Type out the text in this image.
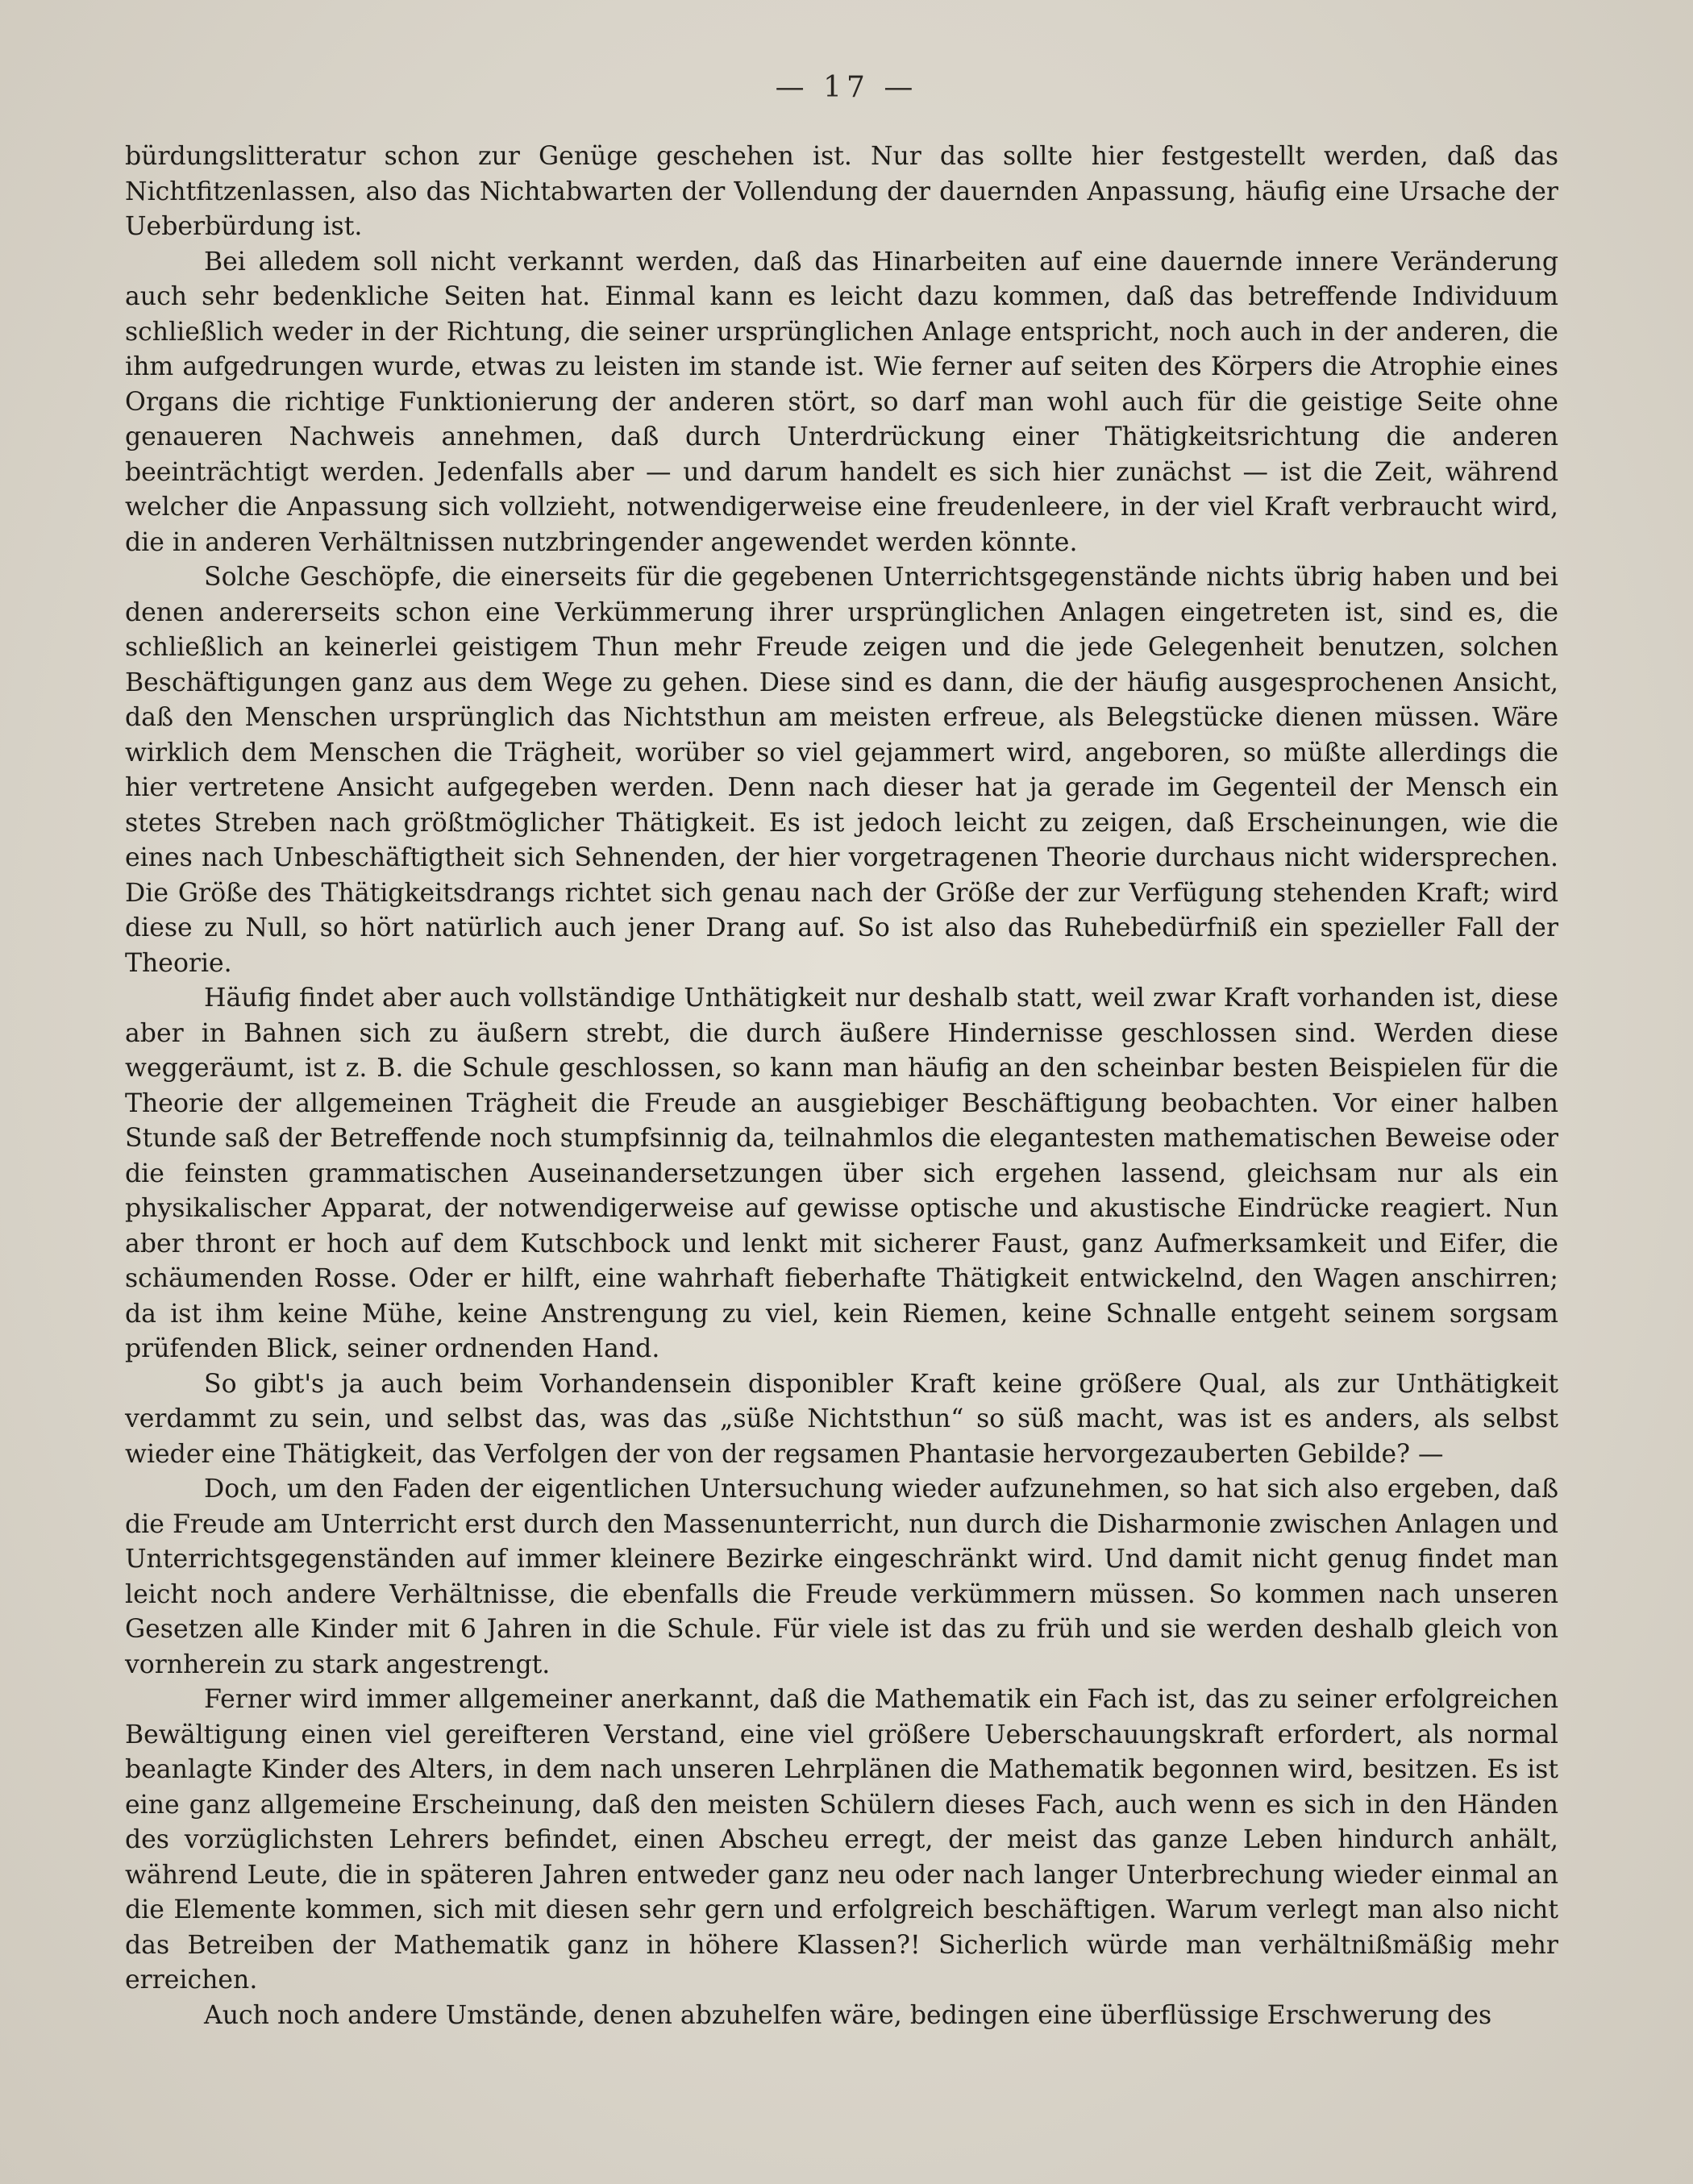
— 17 —

bürdungslitteratur schon zur Genüge geschehen ist. Nur das sollte hier festgestellt werden, daß das Nichtfitzenlassen, also das Nichtabwarten der Vollendung der dauernden Anpassung, häufig eine Ursache der Ueberbürdung ist.

Bei alledem soll nicht verkannt werden, daß das Hinarbeiten auf eine dauernde innere Veränderung auch sehr bedenkliche Seiten hat. Einmal kann es leicht dazu kommen, daß das betreffende Individuum schließlich weder in der Richtung, die seiner ursprünglichen Anlage entspricht, noch auch in der anderen, die ihm aufgedrungen wurde, etwas zu leisten im stande ist. Wie ferner auf seiten des Körpers die Atrophie eines Organs die richtige Funktionierung der anderen stört, so darf man wohl auch für die geistige Seite ohne genaueren Nachweis annehmen, daß durch Unterdrückung einer Thätigkeitsrichtung die anderen beeinträchtigt werden. Jedenfalls aber — und darum handelt es sich hier zunächst — ist die Zeit, während welcher die Anpassung sich vollzieht, notwendigerweise eine freudenleere, in der viel Kraft verbraucht wird, die in anderen Verhältnissen nutzbringender angewendet werden könnte.

Solche Geschöpfe, die einerseits für die gegebenen Unterrichtsgegenstände nichts übrig haben und bei denen andererseits schon eine Verkümmerung ihrer ursprünglichen Anlagen eingetreten ist, sind es, die schließlich an keinerlei geistigem Thun mehr Freude zeigen und die jede Gelegenheit benutzen, solchen Beschäftigungen ganz aus dem Wege zu gehen. Diese sind es dann, die der häufig ausgesprochenen Ansicht, daß den Menschen ursprünglich das Nichtsthun am meisten erfreue, als Belegstücke dienen müssen. Wäre wirklich dem Menschen die Trägheit, worüber so viel gejammert wird, angeboren, so müßte allerdings die hier vertretene Ansicht aufgegeben werden. Denn nach dieser hat ja gerade im Gegenteil der Mensch ein stetes Streben nach größtmöglicher Thätigkeit. Es ist jedoch leicht zu zeigen, daß Erscheinungen, wie die eines nach Unbeschäftigtheit sich Sehnenden, der hier vorgetragenen Theorie durchaus nicht widersprechen. Die Größe des Thätigkeitsdrangs richtet sich genau nach der Größe der zur Verfügung stehenden Kraft; wird diese zu Null, so hört natürlich auch jener Drang auf. So ist also das Ruhebedürfniß ein spezieller Fall der Theorie.

Häufig findet aber auch vollständige Unthätigkeit nur deshalb statt, weil zwar Kraft vorhanden ist, diese aber in Bahnen sich zu äußern strebt, die durch äußere Hindernisse geschlossen sind. Werden diese weggeräumt, ist z. B. die Schule geschlossen, so kann man häufig an den scheinbar besten Beispielen für die Theorie der allgemeinen Trägheit die Freude an ausgiebiger Beschäftigung beobachten. Vor einer halben Stunde saß der Betreffende noch stumpfsinnig da, teilnahmlos die elegantesten mathematischen Beweise oder die feinsten grammatischen Auseinandersetzungen über sich ergehen lassend, gleichsam nur als ein physikalischer Apparat, der notwendigerweise auf gewisse optische und akustische Eindrücke reagiert. Nun aber thront er hoch auf dem Kutschbock und lenkt mit sicherer Faust, ganz Aufmerksamkeit und Eifer, die schäumenden Rosse. Oder er hilft, eine wahrhaft fieberhafte Thätigkeit entwickelnd, den Wagen anschirren; da ist ihm keine Mühe, keine Anstrengung zu viel, kein Riemen, keine Schnalle entgeht seinem sorgsam prüfenden Blick, seiner ordnenden Hand.

So gibt's ja auch beim Vorhandensein disponibler Kraft keine größere Qual, als zur Unthätigkeit verdammt zu sein, und selbst das, was das „süße Nichtsthun“ so süß macht, was ist es anders, als selbst wieder eine Thätigkeit, das Verfolgen der von der regsamen Phantasie hervorgezauberten Gebilde? —

Doch, um den Faden der eigentlichen Untersuchung wieder aufzunehmen, so hat sich also ergeben, daß die Freude am Unterricht erst durch den Massenunterricht, nun durch die Disharmonie zwischen Anlagen und Unterrichtsgegenständen auf immer kleinere Bezirke eingeschränkt wird. Und damit nicht genug findet man leicht noch andere Verhältnisse, die ebenfalls die Freude verkümmern müssen. So kommen nach unseren Gesetzen alle Kinder mit 6 Jahren in die Schule. Für viele ist das zu früh und sie werden deshalb gleich von vornherein zu stark angestrengt.

Ferner wird immer allgemeiner anerkannt, daß die Mathematik ein Fach ist, das zu seiner erfolgreichen Bewältigung einen viel gereifteren Verstand, eine viel größere Ueberschauungskraft erfordert, als normal beanlagte Kinder des Alters, in dem nach unseren Lehrplänen die Mathematik begonnen wird, besitzen. Es ist eine ganz allgemeine Erscheinung, daß den meisten Schülern dieses Fach, auch wenn es sich in den Händen des vorzüglichsten Lehrers befindet, einen Abscheu erregt, der meist das ganze Leben hindurch anhält, während Leute, die in späteren Jahren entweder ganz neu oder nach langer Unterbrechung wieder einmal an die Elemente kommen, sich mit diesen sehr gern und erfolgreich beschäftigen. Warum verlegt man also nicht das Betreiben der Mathematik ganz in höhere Klassen?! Sicherlich würde man verhältnißmäßig mehr erreichen.

Auch noch andere Umstände, denen abzuhelfen wäre, bedingen eine überflüssige Erschwerung des
